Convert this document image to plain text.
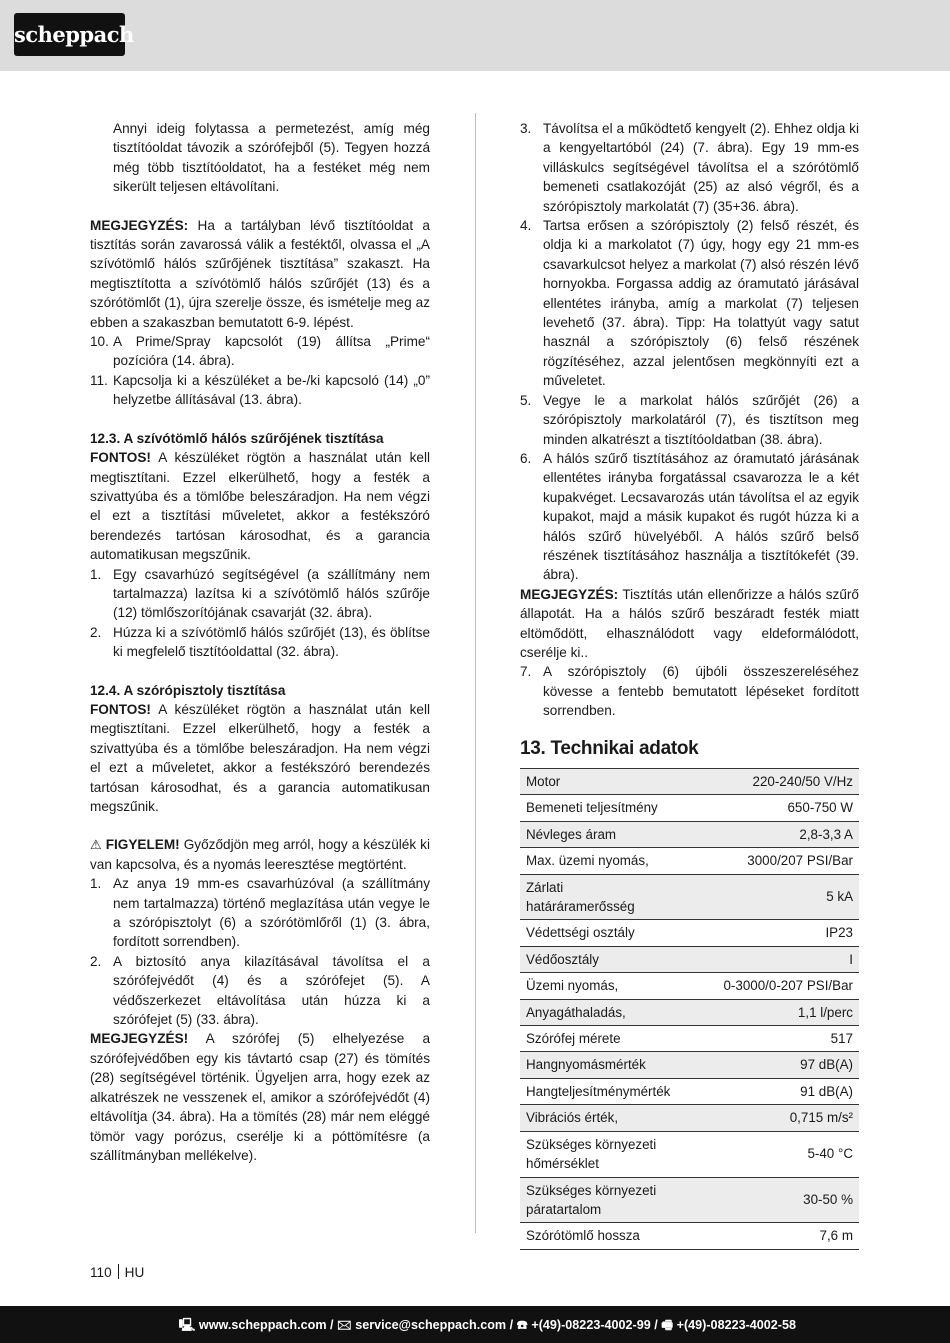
scheppach

Annyi ideig folytassa a permetezést, amíg még tisztítóoldat távozik a szórófejből (5). Tegyen hozzá még több tisztítóoldatot, ha a festéket még nem sikerült teljesen eltávolítani.

MEGJEGYZÉS: Ha a tartályban lévő tisztítóoldat a tisztítás során zavarossá válik a festéktől, olvassa el „A szívótömlő hálós szűrőjének tisztítása” szakaszt. Ha megtisztította a szívótömlő hálós szűrőjét (13) és a szórótömlőt (1), újra szerelje össze, és ismételje meg az ebben a szakaszban bemutatott 6-9. lépést.

10. A Prime/Spray kapcsolót (19) állítsa „Prime“ pozícióra (14. ábra).
11. Kapcsolja ki a készüléket a be-/ki kapcsoló (14) „0” helyzetbe állításával (13. ábra).
12.3. A szívótömlő hálós szűrőjének tisztítása

FONTOS! A készüléket rögtön a használat után kell megtisztítani. Ezzel elkerülhető, hogy a festék a szivattyúba és a tömlőbe beleszáradjon. Ha nem végzi el ezt a tisztítási műveletet, akkor a festékszóró berendezés tartósan károsodhat, és a garancia automatikusan megszűnik.

1. Egy csavarhúzó segítségével (a szállítmány nem tartalmazza) lazítsa ki a szívótömlő hálós szűrője (12) tömlőszorítójának csavarját (32. ábra).
2. Húzza ki a szívótömlő hálós szűrőjét (13), és öblítse ki megfelelő tisztítóoldattal (32. ábra).
12.4. A szórópisztoly tisztítása

FONTOS! A készüléket rögtön a használat után kell megtisztítani. Ezzel elkerülhető, hogy a festék a szivattyúba és a tömlőbe beleszáradjon. Ha nem végzi el ezt a műveletet, akkor a festékszóró berendezés tartósan károsodhat, és a garancia automatikusan megszűnik.

⚠ FIGYELEM! Győződjön meg arról, hogy a készülék ki van kapcsolva, és a nyomás leeresztése megtörtént.

1. Az anya 19 mm-es csavarhúzóval (a szállítmány nem tartalmazza) történő meglazítása után vegye le a szórópisztolyt (6) a szórótömlőről (1) (3. ábra, fordított sorrendben).
2. A biztosító anya kilazításával távolítsa el a szórófejvédőt (4) és a szórófejet (5). A védőszerkezet eltávolítása után húzza ki a szórófejet (5) (33. ábra).

MEGJEGYZÉS! A szórófej (5) elhelyezése a szórófejvédőben egy kis távtartó csap (27) és tömítés (28) segítségével történik. Ügyeljen arra, hogy ezek az alkatrészek ne vesszenek el, amikor a szórófejvédőt (4) eltávolítja (34. ábra). Ha a tömítés (28) már nem eléggé tömör vagy porózus, cserélje ki a póttömítésre (a szállítmányban mellékelve).

3. Távolítsa el a működtető kengyelt (2). Ehhez oldja ki a kengyeltartóból (24) (7. ábra). Egy 19 mm-es villáskulcs segítségével távolítsa el a szórótömlő bemeneti csatlakozóját (25) az alsó végről, és a szórópisztoly markolatát (7) (35+36. ábra).
4. Tartsa erősen a szórópisztoly (2) felső részét, és oldja ki a markolatot (7) úgy, hogy egy 21 mm-es csavarkulcsot helyez a markolat (7) alsó részén lévő hornyokba. Forgassa addig az óramutató járásával ellentétes irányba, amíg a markolat (7) teljesen levehető (37. ábra). Tipp: Ha tolattyút vagy satut használ a szórópisztoly (6) felső részének rögzítéséhez, azzal jelentősen megkönnyíti ezt a műveletet.
5. Vegye le a markolat hálós szűrőjét (26) a szórópisztoly markolatáról (7), és tisztítson meg minden alkatrészt a tisztítóoldatban (38. ábra).
6. A hálós szűrő tisztításához az óramutató járásának ellentétes irányba forgatással csavarozza le a két kupakvéget. Lecsavarozás után távolítsa el az egyik kupakot, majd a másik kupakot és rugót húzza ki a hálós szűrő hüvelyéből. A hálós szűrő belső részének tisztításához használja a tisztítókefét (39. ábra).

MEGJEGYZÉS: Tisztítás után ellenőrizze a hálós szűrő állapotát. Ha a hálós szűrő beszáradt festék miatt eltömődött, elhasználódott vagy eldeformálódott, cserélje ki..

7. A szórópisztoly (6) újbóli összeszereléséhez kövesse a fentebb bemutatott lépéseket fordított sorrendben.
13. Technikai adatok
Motor	220-240/50 V/Hz
Bemeneti teljesítmény	650-750 W
Névleges áram	2,8-3,3 A
Max. üzemi nyomás,	3000/207 PSI/Bar
Zárlati határáramerősség	5 kA
Védettségi osztály	IP23
Védőosztály	I
Üzemi nyomás,	0-3000/0-207 PSI/Bar
Anyagáthaladás,	1,1 l/perc
Szórófej mérete	517
Hangnyomásmérték	97 dB(A)
Hangteljesítménymérték	91 dB(A)
Vibrációs érték,	0,715 m/s²
Szükséges környezeti hőmérséklet	5-40 °C
Szükséges környezeti páratartalom	30-50 %
Szórótömlő hossza	7,6 m
110 HU
🖳 www.scheppach.com / 🖂 service@scheppach.com / ☎ +(49)-08223-4002-99 / 🖷 +(49)-08223-4002-58
